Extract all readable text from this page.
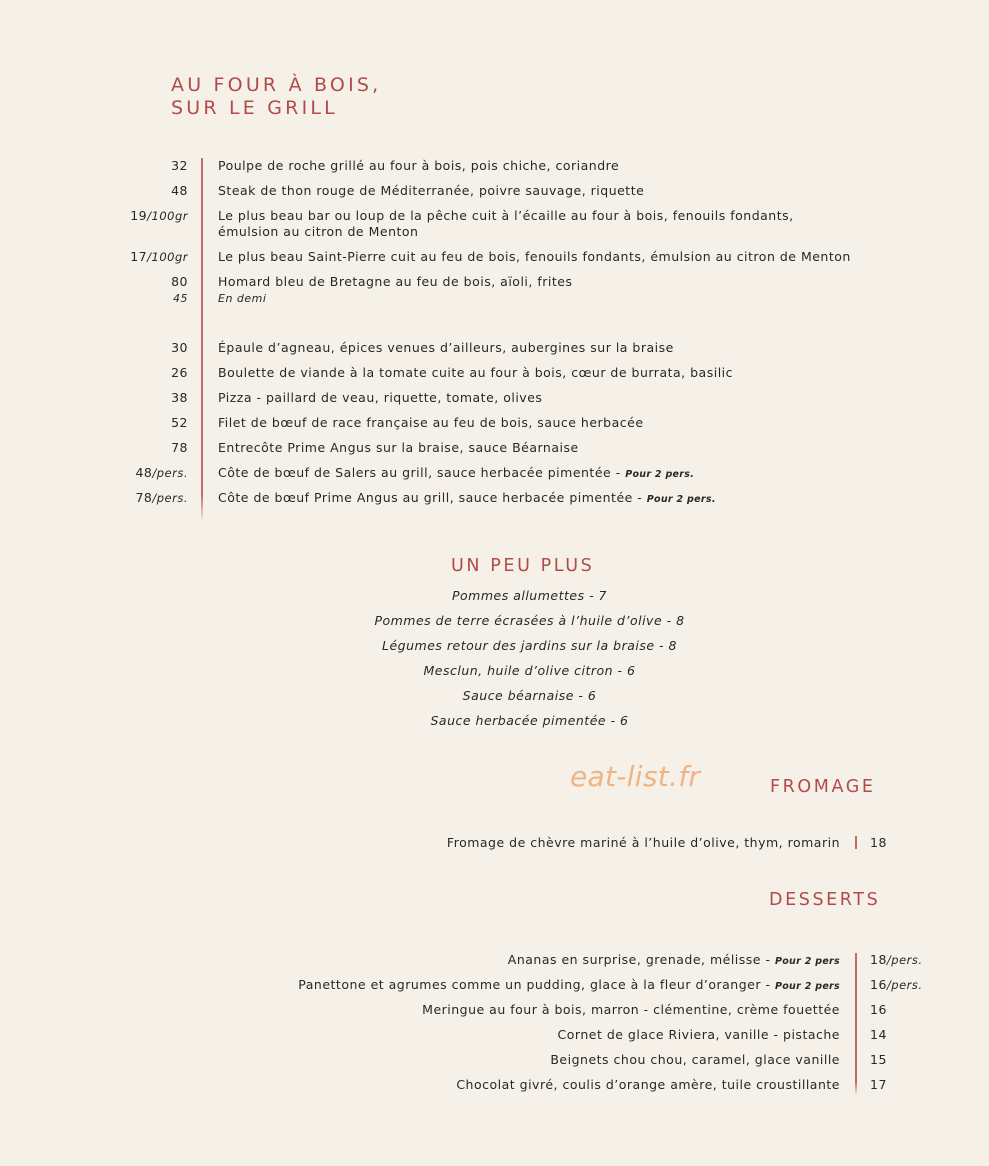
AU FOUR À BOIS,
SUR LE GRILL
32 Poulpe de roche grillé au four à bois, pois chiche, coriandre
48 Steak de thon rouge de Méditerranée, poivre sauvage, riquette
19/100gr Le plus beau bar ou loup de la pêche cuit à l’écaille au four à bois, fenouils fondants,
émulsion au citron de Menton
17/100gr Le plus beau Saint-Pierre cuit au feu de bois, fenouils fondants, émulsion au citron de Menton
80 Homard bleu de Bretagne au feu de bois, aïoli, frites
45	En demi
30 Épaule d’agneau, épices venues d’ailleurs, aubergines sur la braise
26 Boulette de viande à la tomate cuite au four à bois, cœur de burrata, basilic
38 Pizza - paillard de veau, riquette, tomate, olives
52 Filet de bœuf de race française au feu de bois, sauce herbacée
78 Entrecôte Prime Angus sur la braise, sauce Béarnaise
48/pers. Côte de bœuf de Salers au grill, sauce herbacée pimentée - Pour 2 pers.
78/pers. Côte de bœuf Prime Angus au grill, sauce herbacée pimentée - Pour 2 pers.
UN PEU PLUS
Pommes allumettes - 7
Pommes de terre écrasées à l’huile d’olive - 8
Légumes retour des jardins sur la braise - 8
Mesclun, huile d’olive citron - 6
Sauce béarnaise - 6
Sauce herbacée pimentée - 6
eat-list.fr	FROMAGE
Fromage de chèvre mariné à l’huile d’olive, thym, romarin 18
DESSERTS
Ananas en surprise, grenade, mélisse - Pour 2 pers 18/pers.
Panettone et agrumes comme un pudding, glace à la fleur d’oranger - Pour 2 pers 16/pers.
Meringue au four à bois, marron - clémentine, crème fouettée 16
Cornet de glace Riviera, vanille - pistache 14
Beignets chou chou, caramel, glace vanille 15
Chocolat givré, coulis d’orange amère, tuile croustillante 17
